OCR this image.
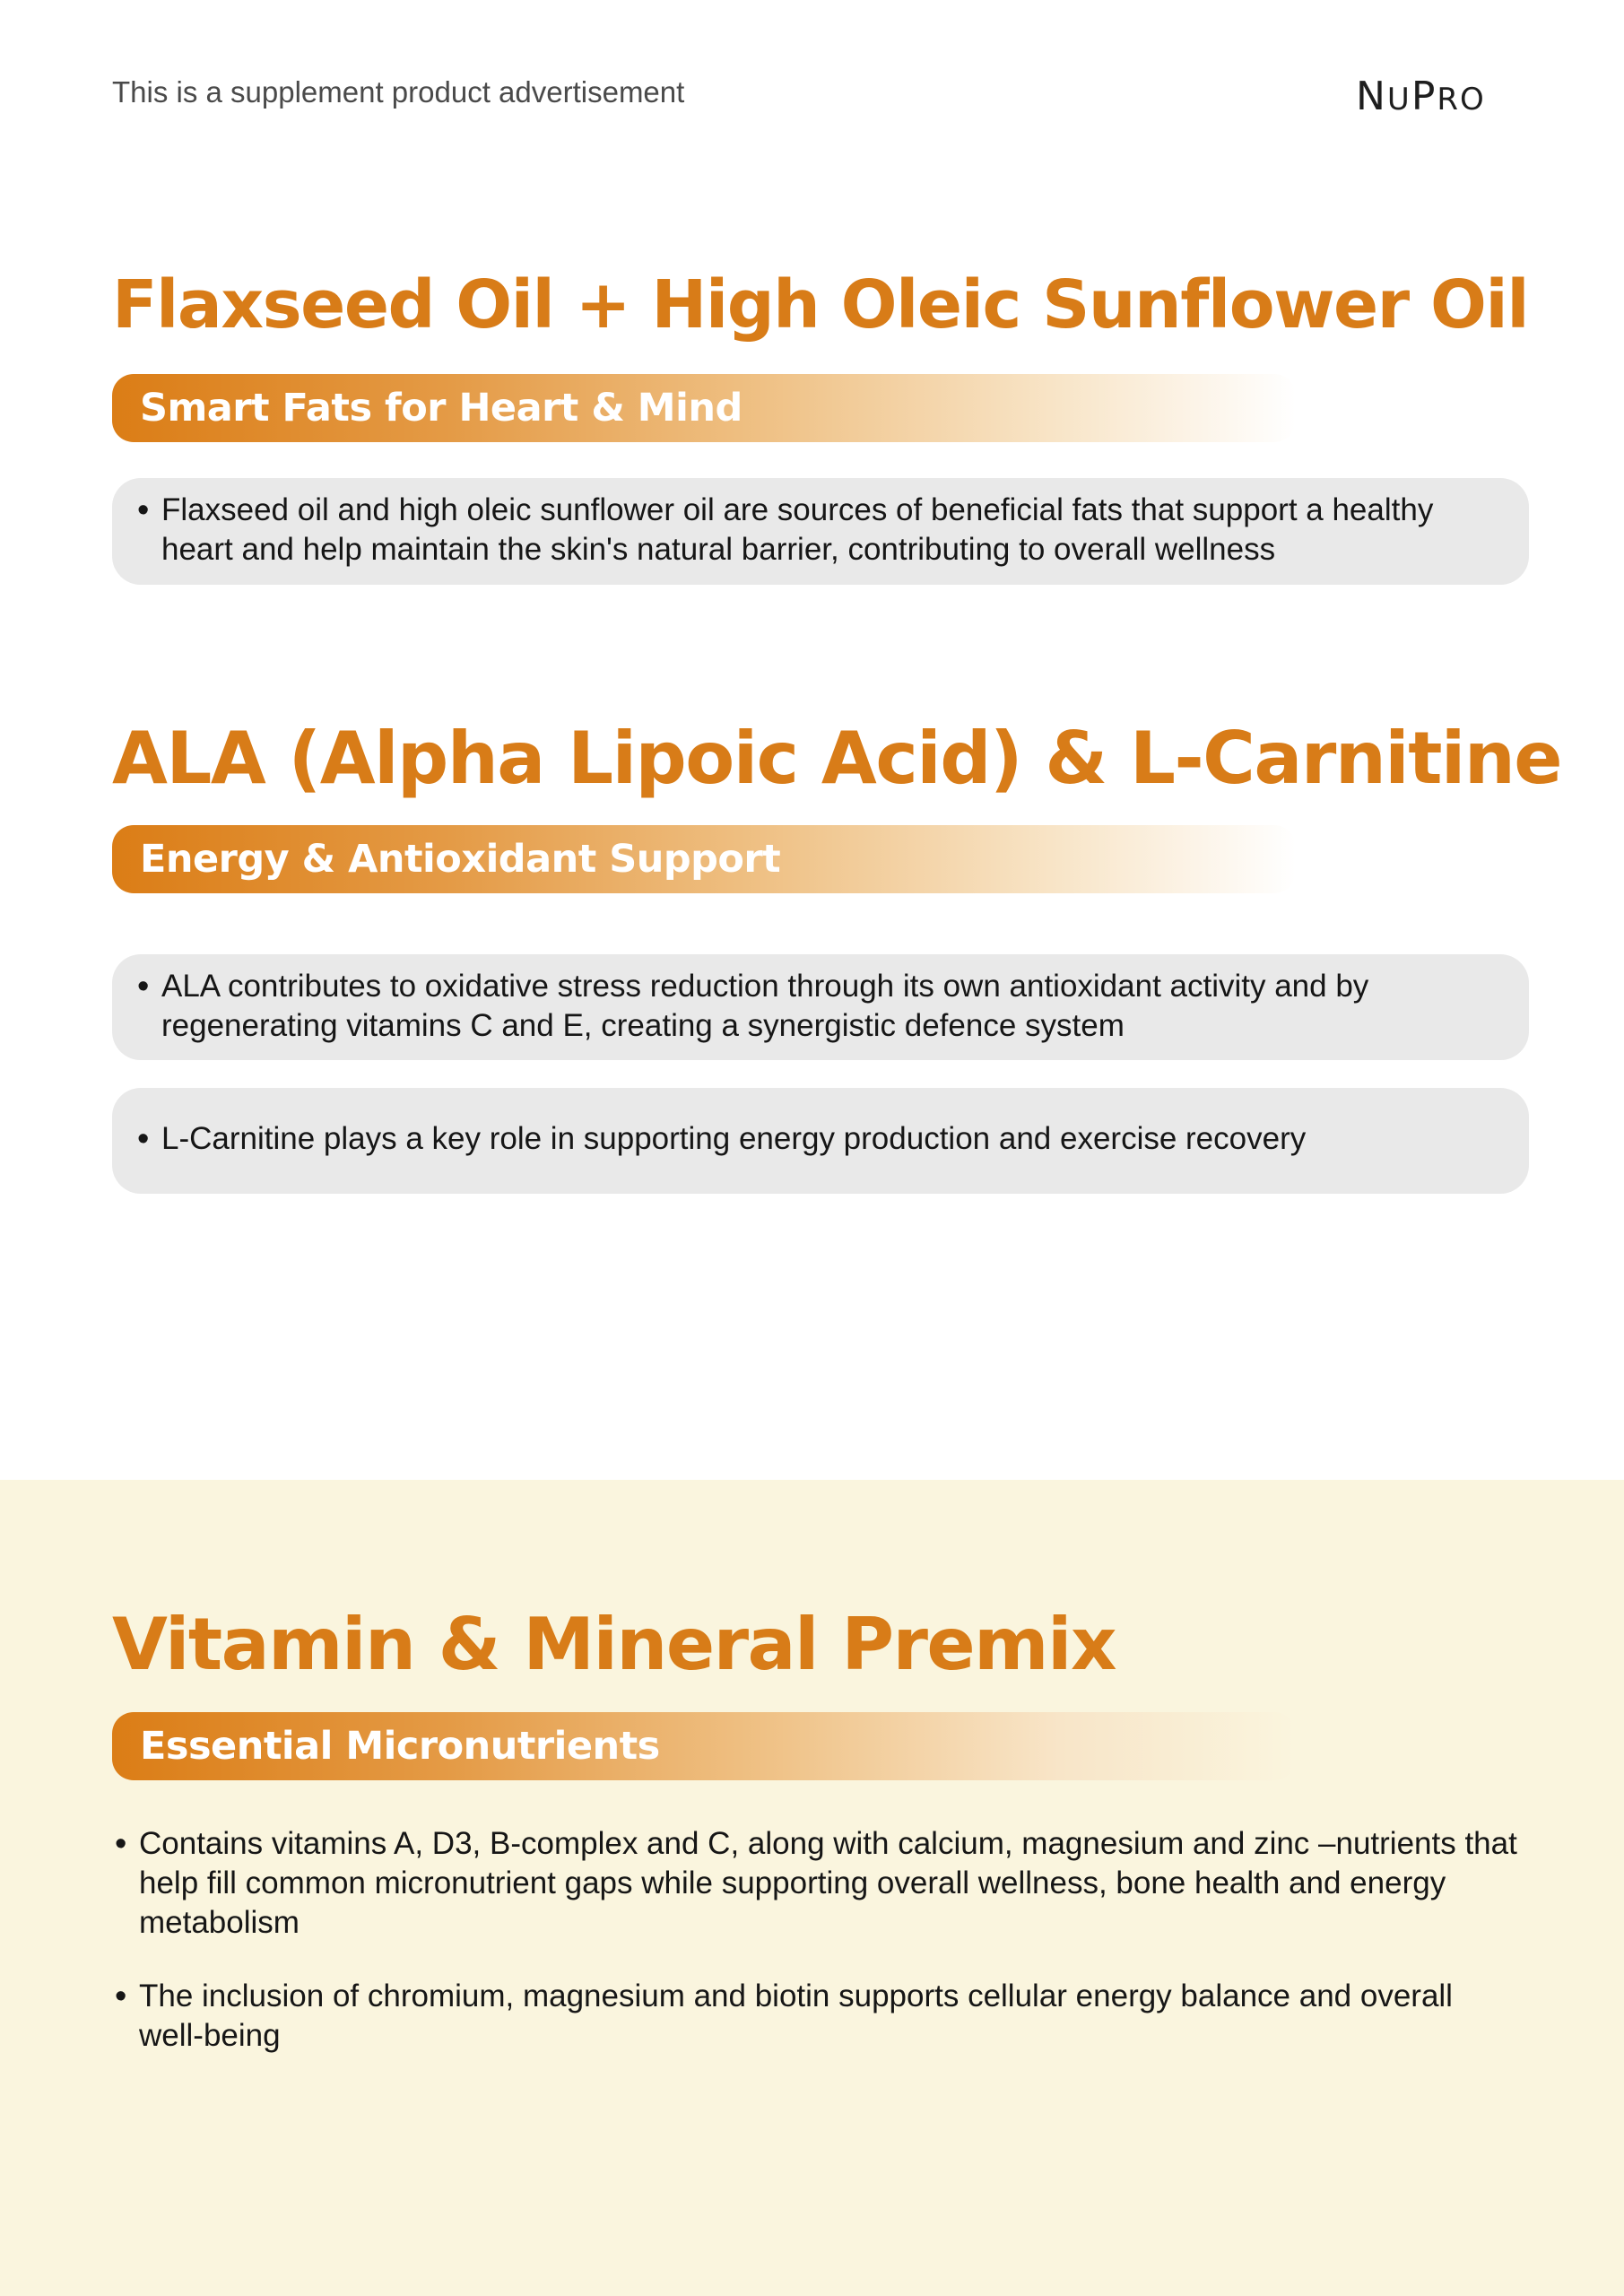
This is a supplement product advertisement	NUPRO
Flaxseed Oil + High Oleic Sunflower Oil
Smart Fats for Heart & Mind
• Flaxseed oil and high oleic sunflower oil are sources of beneficial fats that support a healthy heart and help maintain the skin's natural barrier, contributing to overall wellness
ALA (Alpha Lipoic Acid) & L-Carnitine
Energy & Antioxidant Support
• ALA contributes to oxidative stress reduction through its own antioxidant activity and by regenerating vitamins C and E, creating a synergistic defence system
• L-Carnitine plays a key role in supporting energy production and exercise recovery
Vitamin & Mineral Premix
Essential Micronutrients
• Contains vitamins A, D3, B-complex and C, along with calcium, magnesium and zinc –nutrients that help fill common micronutrient gaps while supporting overall wellness, bone health and energy metabolism
• The inclusion of chromium, magnesium and biotin supports cellular energy balance and overall well-being
